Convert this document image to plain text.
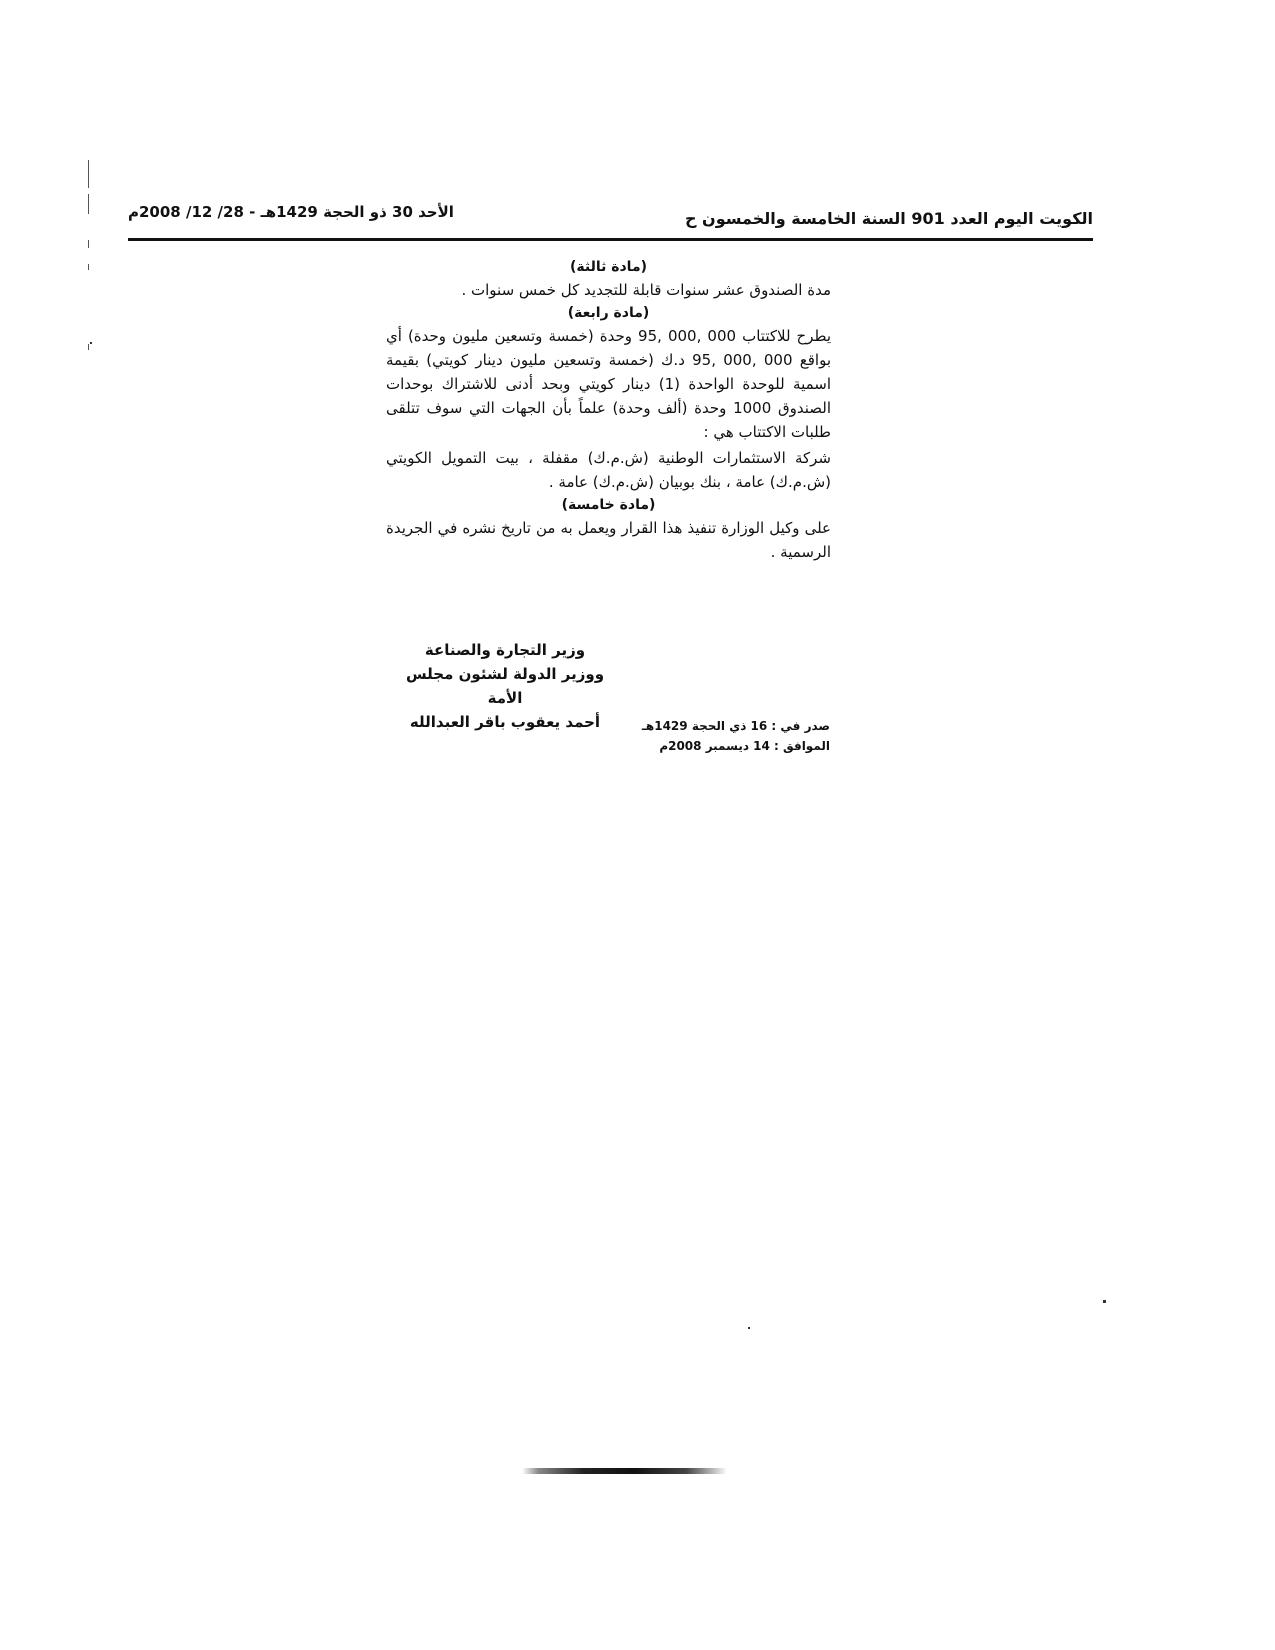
الكويت اليوم العدد 901 السنة الخامسة والخمسون ح
الأحد 30 ذو الحجة 1429هـ - 28/ 12/ 2008م
(مادة ثالثة)

مدة الصندوق عشر سنوات قابلة للتجديد كل خمس سنوات .

(مادة رابعة)

يطرح للاكتتاب 000 ,000 ,95 وحدة (خمسة وتسعين مليون وحدة) أي بواقع 000 ,000 ,95 د.ك (خمسة وتسعين مليون دينار كويتي) بقيمة اسمية للوحدة الواحدة (1) دينار كويتي وبحد أدنى للاشتراك بوحدات الصندوق 1000 وحدة (ألف وحدة) علماً بأن الجهات التي سوف تتلقى طلبات الاكتتاب هي :

شركة الاستثمارات الوطنية (ش.م.ك) مقفلة ، بيت التمويل الكويتي (ش.م.ك) عامة ، بنك بوبيان (ش.م.ك) عامة .

(مادة خامسة)

على وكيل الوزارة تنفيذ هذا القرار ويعمل به من تاريخ نشره في الجريدة الرسمية .

وزير التجارة والصناعة
ووزير الدولة لشئون مجلس الأمة
أحمد يعقوب باقر العبدالله	صدر في : 16 ذي الحجة 1429هـ
الموافق : 14 ديسمبر 2008م
